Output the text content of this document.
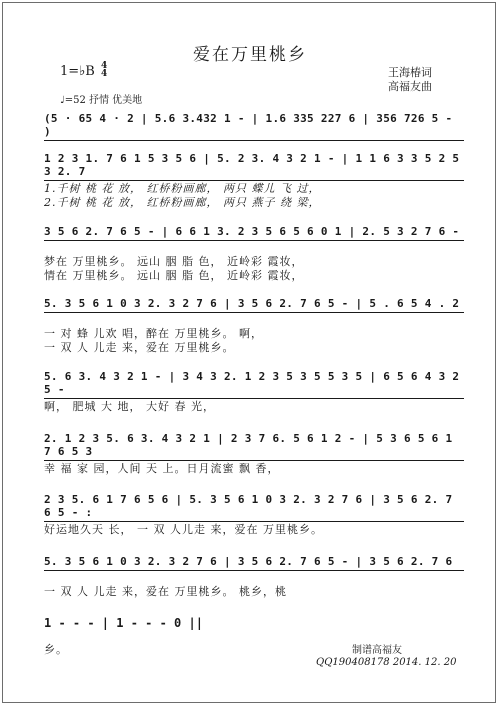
爱在万里桃乡
1=♭B 4
4
♩=52 抒情 优美地
王海椿词
高福友曲
(5 · 65 4 · 2 | 5.6 3.432 1 - | 1.6 335 227 6 | 356 726 5 - )
1 2 3 1. 7 6 1 5 3 5 6 | 5. 2 3. 4 3 2 1 - | 1 1 6 3 3 5 2 5 3 2. 7
1.千树 桃 花 放， 红桥粉画廊， 两只 蝶儿 飞 过，
2.千树 桃 花 放， 红桥粉画廊， 两只 燕子 绕 梁，
3 5 6 2. 7 6 5 - | 6 6 1 3. 2 3 5 6 5 6 0 1 | 2. 5 3 2 7 6 -
梦在 万里桃乡。 远山 胭 脂 色， 近岭彩 霞妆，
情在 万里桃乡。 远山 胭 脂 色， 近岭彩 霞妆，
5. 3 5 6 1 0 3 2. 3 2 7 6 | 3 5 6 2. 7 6 5 - | 5 . 6 5 4 . 2
一 对 蜂 儿欢 唱，醉在 万里桃乡。 啊，
一 双 人 儿走 来，爱在 万里桃乡。
5. 6 3. 4 3 2 1 - | 3 4 3 2. 1 2 3 5 3 5 5 3 5 | 6 5 6 4 3 2 5 -
啊， 肥城 大 地， 大好 春 光，
2. 1 2 3 5. 6 3. 4 3 2 1 | 2 3 7 6. 5 6 1 2 - | 5 3 6 5 6 1 7 6 5 3
幸 福 家 园，人间 天 上。日月流蜜 飘 香，
2 3 5. 6 1 7 6 5 6 | 5. 3 5 6 1 0 3 2. 3 2 7 6 | 3 5 6 2. 7 6 5 - :
好运地久天 长， 一 双 人儿走 来，爱在 万里桃乡。
5. 3 5 6 1 0 3 2. 3 2 7 6 | 3 5 6 2. 7 6 5 - | 3 5 6 2. 7 6
一 双 人 儿走 来，爱在 万里桃乡。 桃乡，桃
1 - - - | 1 - - - 0 ||
乡。	制谱高福友
QQ190408178 2014. 12. 20
